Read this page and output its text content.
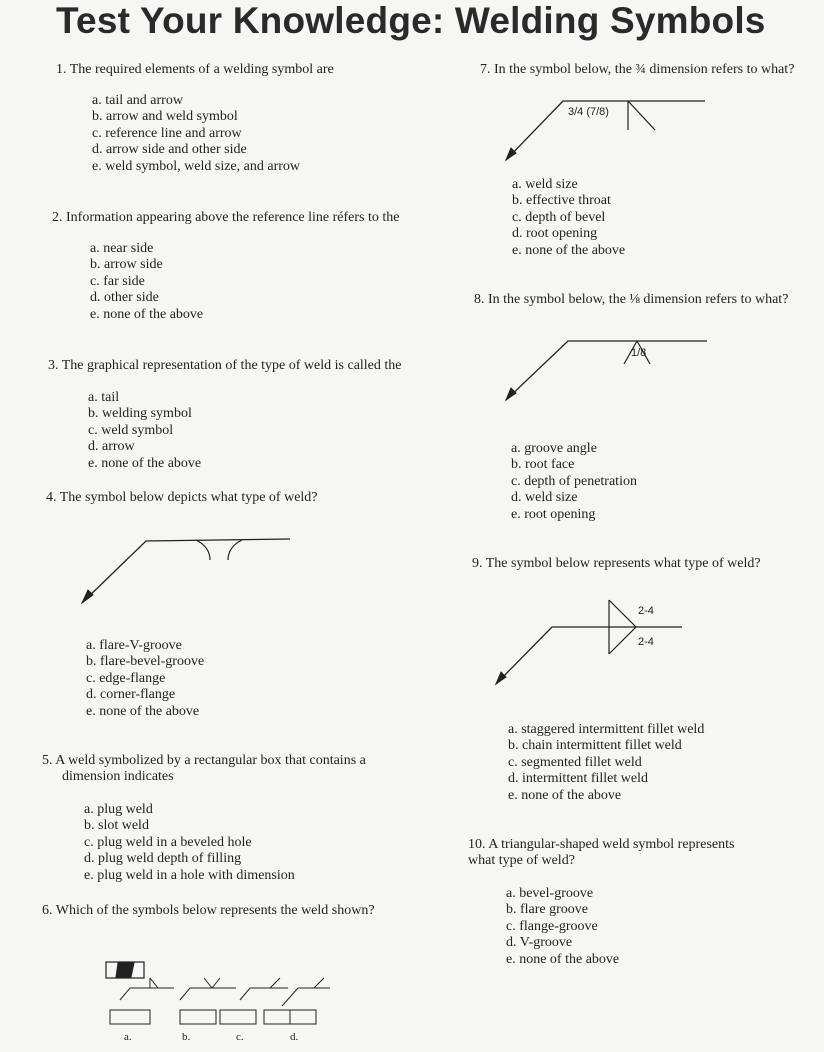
Test Your Knowledge: Welding Symbols
1. The required elements of a welding symbol are
a. tail and arrow
b. arrow and weld symbol
c. reference line and arrow
d. arrow side and other side
e. weld symbol, weld size, and arrow
2. Information appearing above the reference line réfers to the
a. near side
b. arrow side
c. far side
d. other side
e. none of the above
3. The graphical representation of the type of weld is called the
a. tail
b. welding symbol
c. weld symbol
d. arrow
e. none of the above
4. The symbol below depicts what type of weld?
a. flare-V-groove
b. flare-bevel-groove
c. edge-flange
d. corner-flange
e. none of the above
5. A weld symbolized by a rectangular box that contains a
dimension indicates
a. plug weld
b. slot weld
c. plug weld in a beveled hole
d. plug weld depth of filling
e. plug weld in a hole with dimension
6. Which of the symbols below represents the weld shown?
a.	b.	c.	d.
7. In the symbol below, the ¾ dimension refers to what?
3/4 (7/8)
a. weld size
b. effective throat
c. depth of bevel
d. root opening
e. none of the above
8. In the symbol below, the ⅛ dimension refers to what?
1/8
a. groove angle
b. root face
c. depth of penetration
d. weld size
e. root opening
9. The symbol below represents what type of weld?
2-4
2-4
a. staggered intermittent fillet weld
b. chain intermittent fillet weld
c. segmented fillet weld
d. intermittent fillet weld
e. none of the above
10. A triangular-shaped weld symbol represents
what type of weld?
a. bevel-groove
b. flare groove
c. flange-groove
d. V-groove
e. none of the above
